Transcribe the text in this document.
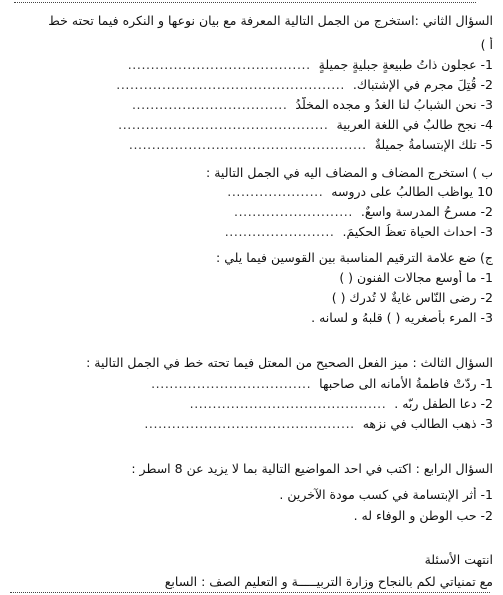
السؤال الثاني :استخرج من الجمل التالية المعرفة مع بيان نوعها و النكره فيما تحته خط
أ )
1- عجلون ذاتُ طبيعةٍ جبليةٍ جميلةٍ ........................................
2- قُتِلَ مجرم في الإشتباك. ..................................................
3- نحن الشبابُ لنا الغدُ و مجده المخلّدُ ..................................
4- نجح طالبٌ في اللغة العربية ..............................................
5- تلك الإبتسامةُ جميلةٌ ....................................................
ب ) استخرج المضاف و المضاف اليه في الجمل التالية :
10 يواظب الطالبُ على دروسه .....................
2- مسرحُ المدرسة واسعٌ. ..........................
3- احداث الحياة تعظُ الحكيمَ. ........................
ج) ضع علامة الترقيم المناسبة بين القوسين فيما يلي :
1- ما أوسع مجالات الفنون ( )
2- رضى النّاس غايةٌ لا تُدرك ( )
3- المرء بأصغريه ( ) قلبهُ و لسانه .
السؤال الثالث : ميز الفعل الصحيح من المعتل فيما تحته خط في الجمل التالية :
1- ردّتْ فاطمةُ الأمانه الى صاحبها ...................................
2- دعا الطفل ربّه . ...........................................
3- ذهب الطالب في نزهه ..............................................
السؤال الرابع : اكتب في احد المواضيع التالية بما لا يزيد عن 8 اسطر :
1- أثر الإبتسامة في كسب مودة الآخرين .
2- حب الوطن و الوفاء له .
انتهت الأسئلة
مع تمنياتي لكم بالنجاح وزارة التربيـــــة و التعليم الصف : السابع
